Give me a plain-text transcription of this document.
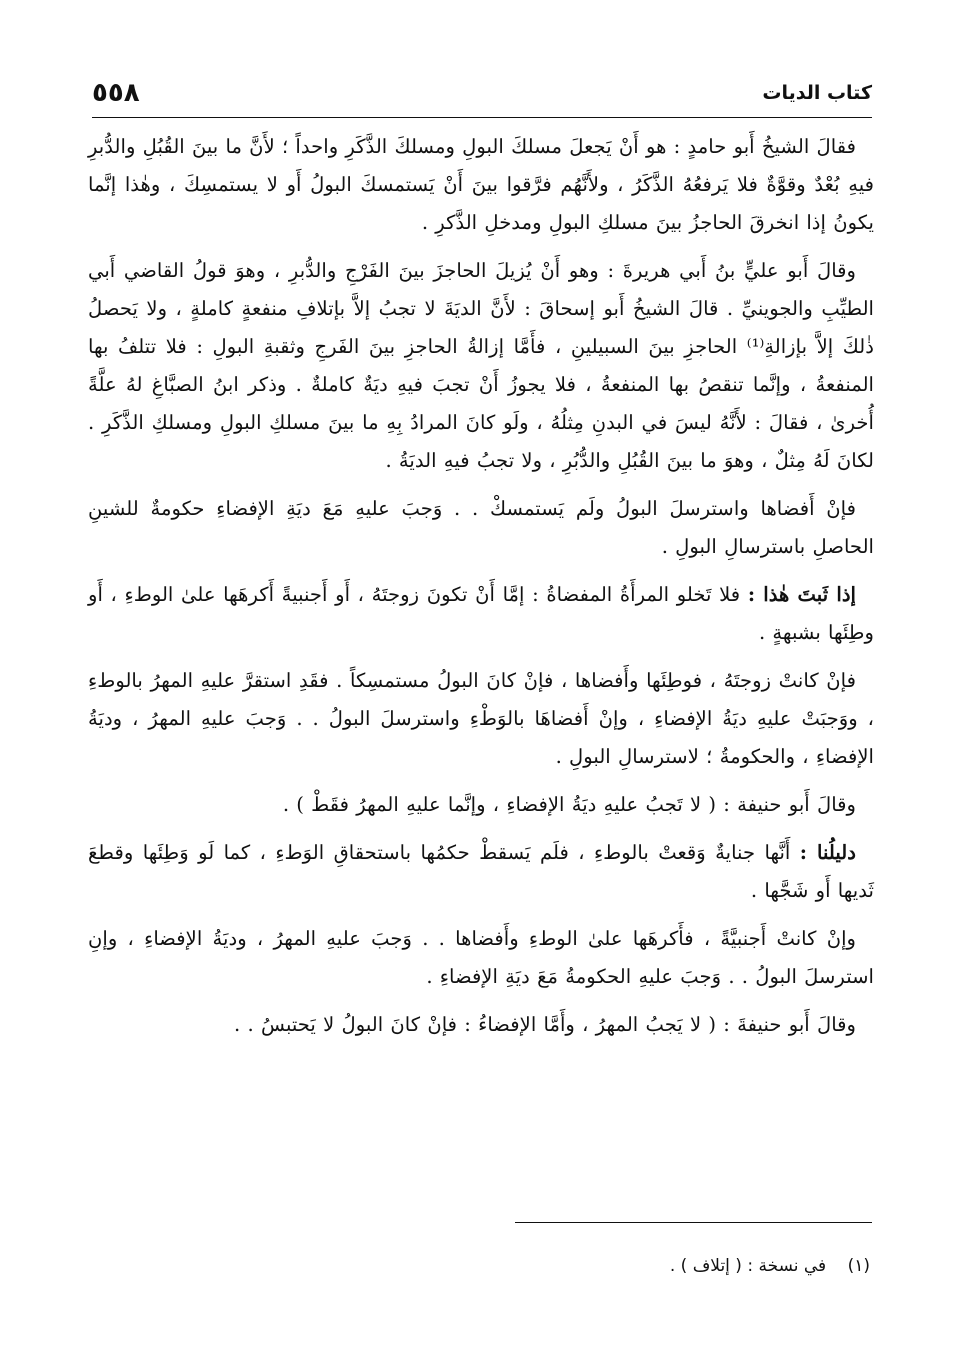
كتاب الديات
٥٥٨

فقالَ الشيخُ أَبو حامدٍ : هو أَنْ يَجعلَ مسلكَ البولِ ومسلكَ الذَّكَرِ واحداً ؛ لأَنَّ ما بينَ القُبُلِ والدُّبرِ فيهِ بُعْدٌ وقوَّةٌ فلا يَرفعُهُ الذَّكَرُ ، ولأَنَّهُم فرَّقوا بينَ أَنْ يَستمسكَ البولُ أَو لا يستمسِكَ ، وهٰذا إنَّما يكونُ إذا انخرقَ الحاجزُ بينَ مسلكِ البولِ ومدخلِ الذَّكرِ .

وقالَ أَبو عليٍّ بنُ أَبي هريرةَ : وهو أَنْ يُزيلَ الحاجزَ بينَ الفَرْجِ والدُّبرِ ، وهوَ قولُ القاضي أَبي الطيِّبِ والجوينيِّ . قالَ الشيخُ أَبو إسحاقَ : لأَنَّ الديَةَ لا تجبُ إلاَّ بإتلافِ منفعةٍ كاملةٍ ، ولا يَحصلُ ذٰلكَ إلاَّ بإزالةِ⁽¹⁾ الحاجزِ بينَ السبيلينِ ، فأَمَّا إزالةُ الحاجزِ بينَ الفَرجِ وثقبةِ البولِ : فلا تتلفُ بها المنفعةُ ، وإنَّما تنقصُ بها المنفعةُ ، فلا يجوزُ أَنْ تجبَ فيهِ ديَةٌ كاملةٌ . وذكر ابنُ الصبَّاغِ لهُ علَّةً أُخرىٰ ، فقالَ : لأَنَّهُ ليسَ في البدنِ مِثلُهُ ، ولَو كانَ المرادُ بِهِ ما بينَ مسلكِ البولِ ومسلكِ الذَّكَرِ . لكانَ لَهُ مِثلٌ ، وهوَ ما بينَ القُبُلِ والدُّبُرِ ، ولا تجبُ فيهِ الديَةُ .

فإنْ أَفضاها واسترسلَ البولُ ولَم يَستمسكْ . . وَجبَ عليهِ مَعَ ديَةِ الإفضاءِ حكومةٌ للشينِ الحاصلِ باسترسالِ البولِ .

إذا ثَبتَ هٰذا : فلا تَخلو المرأَةُ المفضاةُ : إمَّا أَنْ تكونَ زوجتَهُ ، أَو أَجنبيةً أَكرهَها علىٰ الوطءِ ، أَو وطِئَها بشبهةٍ .

فإنْ كانتْ زوجتَهُ ، فوطِئَها وأَفضاها ، فإنْ كانَ البولُ مستمسِكاً . فقَدِ استقرَّ عليهِ المهرُ بالوطءِ ، ووَجبَتْ عليهِ ديَةُ الإفضاءِ ، وإنْ أَفضاهَا بالوَطْءِ واسترسلَ البولُ . . وَجبَ عليهِ المهرُ ، وديَةُ الإفضاءِ ، والحكومةُ ؛ لاسترسالِ البولِ .

وقالَ أَبو حنيفة : ( لا تَجبُ عليهِ ديَةُ الإفضاءِ ، وإنَّما عليهِ المهرُ فقَطْ ) .

دليلُنا : أَنَّها جنايةٌ وَقعتْ بالوطءِ ، فلَم يَسقطْ حكمُها باستحقاقِ الوَطءِ ، كما لَو وَطِئَها وقطعَ ثَديها أَو شَجَّها .

وإنْ كانتْ أَجنبيَّةً ، فأَكرهَها علىٰ الوطءِ وأَفضاها . . وَجبَ عليهِ المهرُ ، وديَةُ الإفضاءِ ، وإنِ استرسلَ البولُ . . وَجبَ عليهِ الحكومةُ مَعَ ديَةِ الإفضاءِ .

وقالَ أَبو حنيفةَ : ( لا يَجبُ المهرُ ، وأَمَّا الإفضاءُ : فإنْ كانَ البولُ لا يَحتبسُ . .

(١) في نسخة : ( إتلاف ) .
